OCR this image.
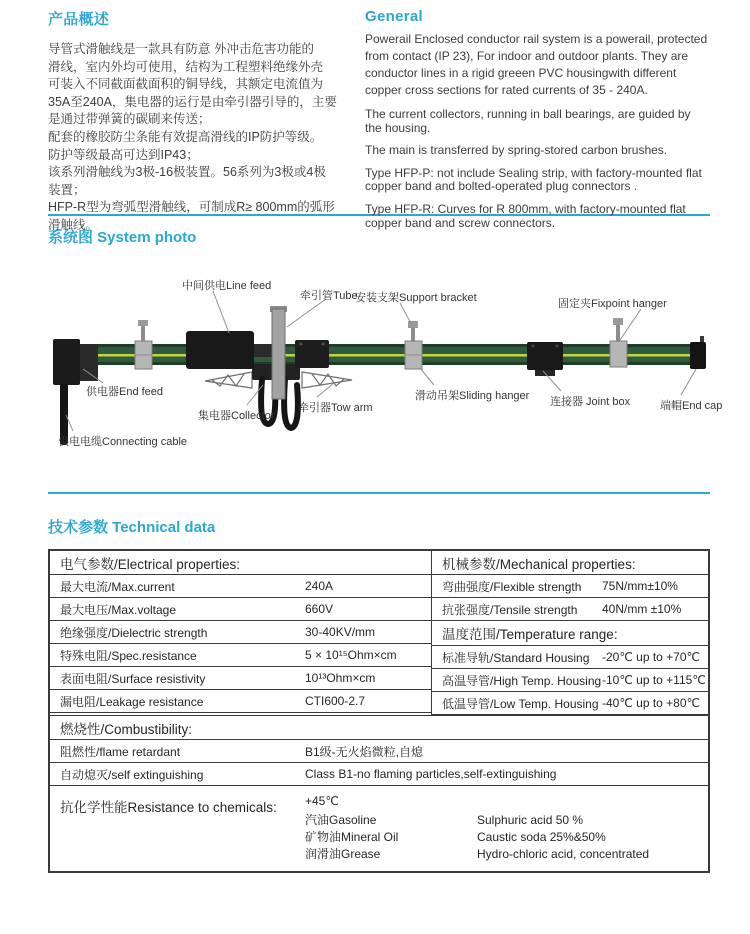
产品概述
导管式滑触线是一款具有防意 外冲击危害功能的
滑线，室内外均可使用，结构为工程塑料绝缘外壳
可装入不同截面截面积的铜导线，其额定电流值为
35A至240A，集电器的运行是由牵引器引导的，主要
是通过带弹簧的碳刷来传送；
配套的橡胶防尘条能有效提高滑线的IP防护等级。
防护等级最高可达到IP43；
该系列滑触线为3极-16极装置。56系列为3极或4极
装置；
HFP-R型为弯弧型滑触线，可制成R≥ 800mm的弧形
滑触线。
General

Powerail Enclosed conductor rail system is a powerail, protected from contact (IP 23), For indoor and outdoor plants. They are conductor lines in a rigid greeen PVC housingwith different copper cross sections for rated currents of 35 - 240A.

The current collectors, running in ball bearings, are guided by the housing.

The main is transferred by spring-stored carbon brushes.

Type HFP-P: not include Sealing strip, with factory-mounted flat copper band and bolted-operated plug connectors .

Type HFP-R: Curves for R 800mm, with factory-mounted flat copper band and screw connectors.

系统图 System photo
中间供电Line feed
牵引管Tube
安装支架Support bracket	固定夹Fixpoint hanger
供电器End feed
集电器Collector
牵引器Tow arm
滑动吊架Sliding hanger 连接器 Joint box	端帽End cap
供电电缆Connecting cable
技术参数 Technical data
电气参数/Electrical properties:
最大电流/Max.current	240A
最大电压/Max.voltage	660V
绝缘强度/Dielectric strength	30-40KV/mm
特殊电阻/Spec.resistance	5 × 10¹⁵Ohm×cm
表面电阻/Surface resistivity	10¹³Ohm×cm
漏电阻/Leakage resistance	CTI600-2.7
机械参数/Mechanical properties:
弯曲强度/Flexible strength	75N/mm±10%
抗张强度/Tensile strength	40N/mm ±10%
温度范围/Temperature range:
标准导轨/Standard Housing	-20℃ up to +70℃
高温导管/High Temp. Housing -10℃ up to +115℃
低温导管/Low Temp. Housing -40℃ up to +80℃
燃烧性/Combustibility:
阻燃性/flame retardant	B1级-无火焰微粒,自熄
自动熄灭/self extinguishing	Class B1-no flaming particles,self-extinguishing
抗化学性能Resistance to chemicals:	+45℃
汽油Gasoline	Sulphuric acid 50 %
矿物油Mineral Oil	Caustic soda 25%&50%
润滑油Grease	Hydro-chloric acid, concentrated
